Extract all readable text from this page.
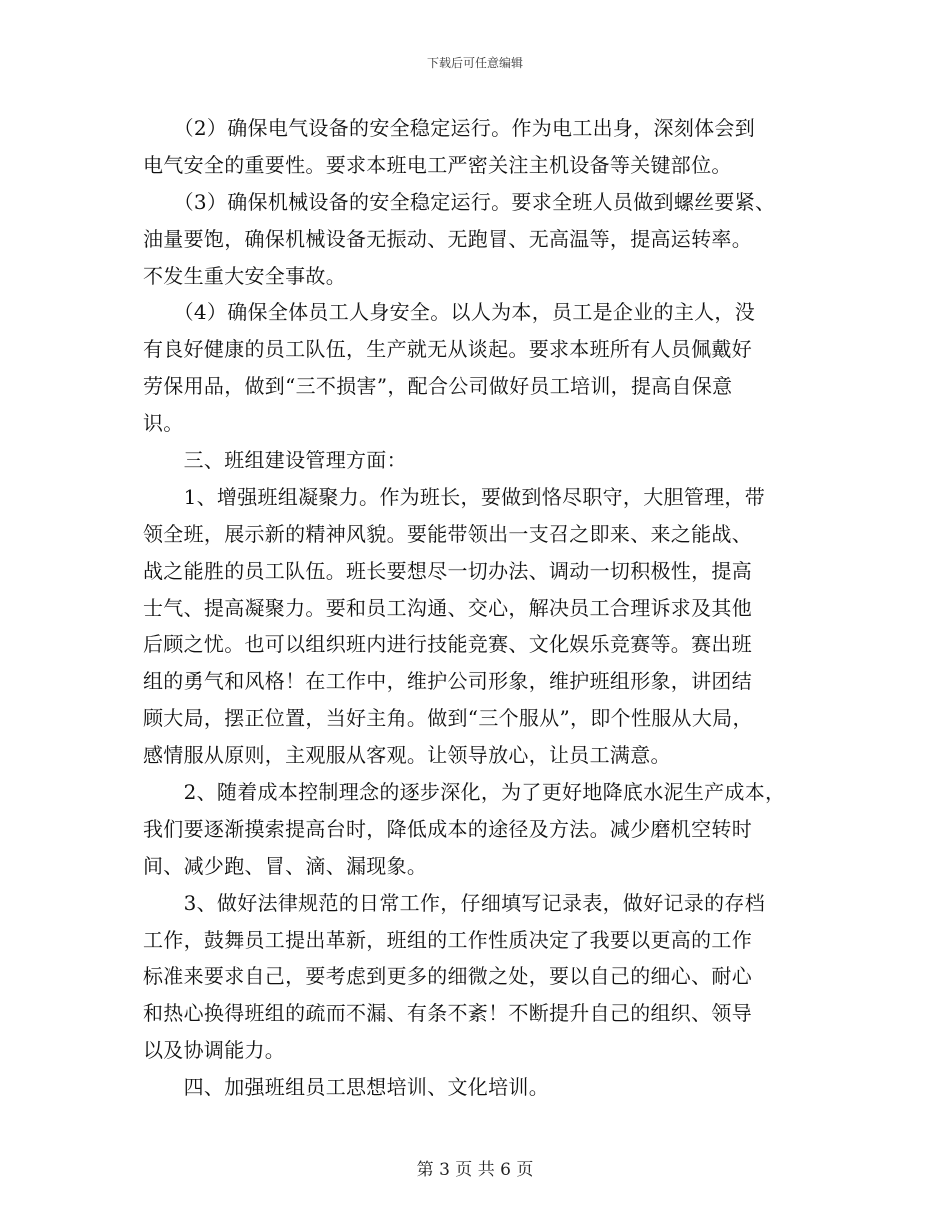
下载后可任意编辑
　　（2）确保电气设备的安全稳定运行。作为电工出身，深刻体会到
电气安全的重要性。要求本班电工严密关注主机设备等关键部位。
　　（3）确保机械设备的安全稳定运行。要求全班人员做到螺丝要紧、
油量要饱，确保机械设备无振动、无跑冒、无高温等，提高运转率。
不发生重大安全事故。
　　（4）确保全体员工人身安全。以人为本，员工是企业的主人，没
有良好健康的员工队伍，生产就无从谈起。要求本班所有人员佩戴好
劳保用品，做到“三不损害”，配合公司做好员工培训，提高自保意
识。
　　三、班组建设管理方面：
　　1、增强班组凝聚力。作为班长，要做到恪尽职守，大胆管理，带
领全班，展示新的精神风貌。要能带领出一支召之即来、来之能战、
战之能胜的员工队伍。班长要想尽一切办法、调动一切积极性，提高
士气、提高凝聚力。要和员工沟通、交心，解决员工合理诉求及其他
后顾之忧。也可以组织班内进行技能竞赛、文化娱乐竞赛等。赛出班
组的勇气和风格！在工作中，维护公司形象，维护班组形象，讲团结
顾大局，摆正位置，当好主角。做到“三个服从”，即个性服从大局，
感情服从原则，主观服从客观。让领导放心，让员工满意。
　　2、随着成本控制理念的逐步深化，为了更好地降底水泥生产成本，
我们要逐渐摸索提高台时，降低成本的途径及方法。减少磨机空转时
间、减少跑、冒、滴、漏现象。
　　3、做好法律规范的日常工作，仔细填写记录表，做好记录的存档
工作，鼓舞员工提出革新，班组的工作性质决定了我要以更高的工作
标准来要求自己，要考虑到更多的细微之处，要以自己的细心、耐心
和热心换得班组的疏而不漏、有条不紊！不断提升自己的组织、领导
以及协调能力。
　　四、加强班组员工思想培训、文化培训。
第 3 页 共 6 页
